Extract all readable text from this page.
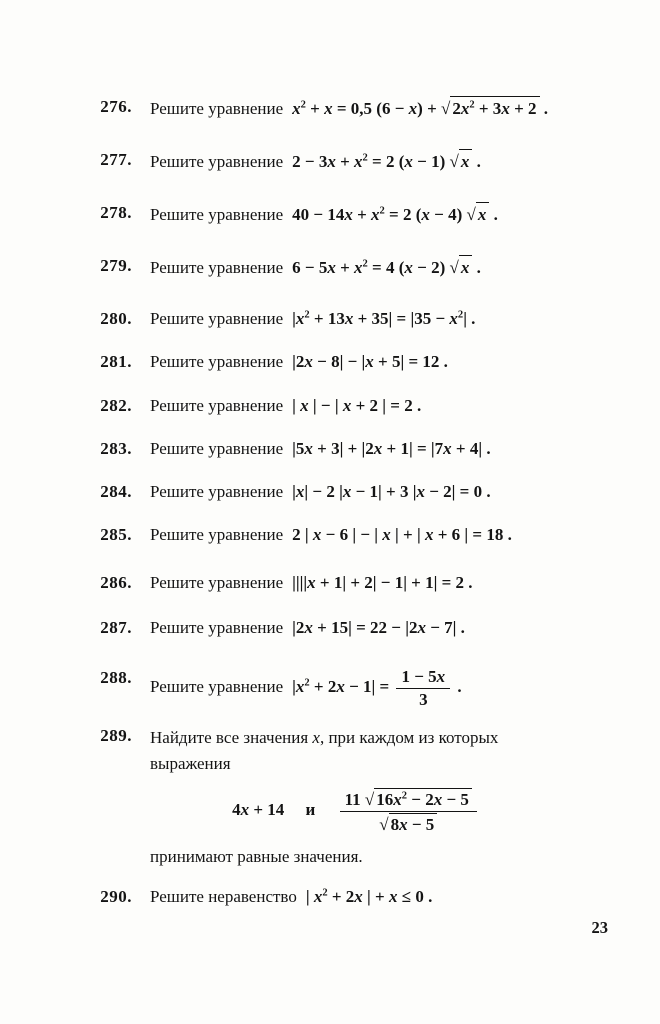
276. Решите уравнение $x^2 + x = 0,5$ (6 − x) + √ $2x^2 + 3x + 2$ .
277. Решите уравнение $2 - 3x + x^2 = 2$ (x − 1) √ x .
278. Решите уравнение $40 - 14x + x^2 = 2$ (x − 4) √ x .
279. Решите уравнение $6 - 5x + x^2 = 4$ (x − 2) √ x .
280. Решите уравнение $|x^2 + 13x + 35| = |35 - x^2|$ .
281. Решите уравнение |2x − 8| − |x + 5| = 12 .
282. Решите уравнение | x | − | x + 2 | = 2 .
283. Решите уравнение |5x + 3| + |2x + 1| = |7x + 4| .
284. Решите уравнение |x| − 2 |x − 1| + 3 |x − 2| = 0 .
285. Решите уравнение 2 | x − 6 | − | x | + | x + 6 | = 18 .
286. Решите уравнение ||||x + 1| + 2| − 1| + 1| = 2 .
287. Решите уравнение |2x + 15| = 22 − |2x − 7| .
288. Решите уравнение $|x^2 + 2x - 1| = \frac{1 - 5x}{3}$ .
289. Найдите все значения x, при каждом из которых выражения
4x + 14  и  $\frac{11 √ 16x^2 - 2x - 5}{√ 8x - 5}$
принимают равные значения.
290. Решите неравенство | $x^2 + 2x$ | + x ≤ 0 .
23
